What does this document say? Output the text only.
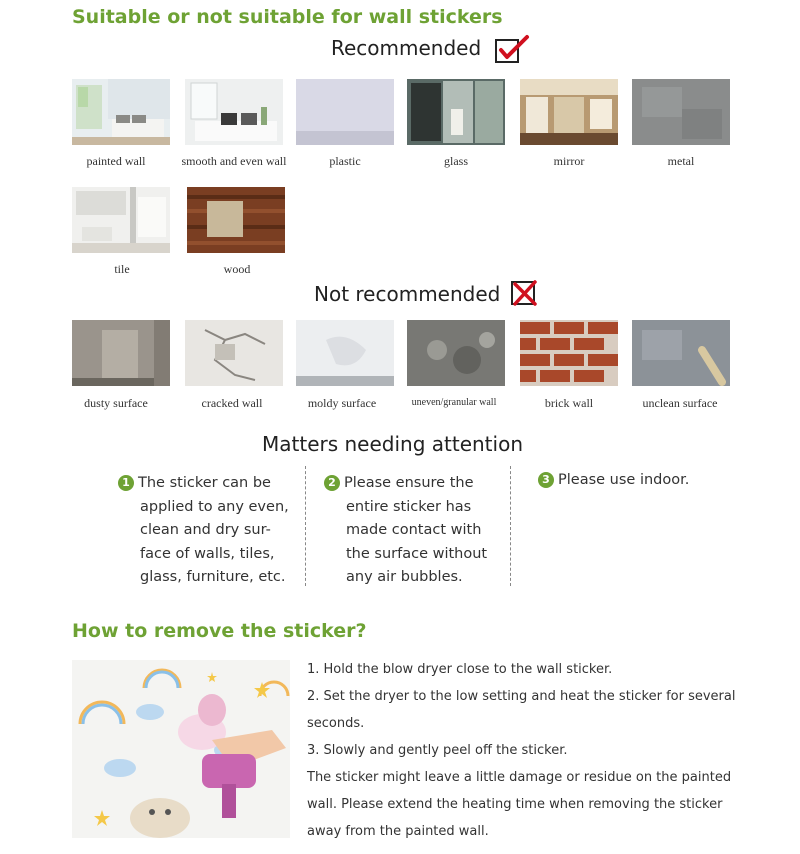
Suitable or not suitable for wall stickers
Recommended
painted wall	smooth and even wall	plastic	glass	mirror	metal
tile	wood
Not recommended
dusty surface	cracked wall	moldy surface	uneven/granular wall	brick wall	unclean surface
Matters needing attention
1 The sticker can be
applied to any even,
clean and dry sur-
face of walls, tiles,
glass, furniture, etc.
2 Please ensure the
entire sticker has
made contact with
the surface without
any air bubbles.
3 Please use indoor.
How to remove the sticker?
1. Hold the blow dryer close to the wall sticker.
2. Set the dryer to the low setting and heat the sticker for several
seconds.
3. Slowly and gently peel off the sticker.
The sticker might leave a little damage or residue on the painted
wall. Please extend the heating time when removing the sticker
away from the painted wall.
